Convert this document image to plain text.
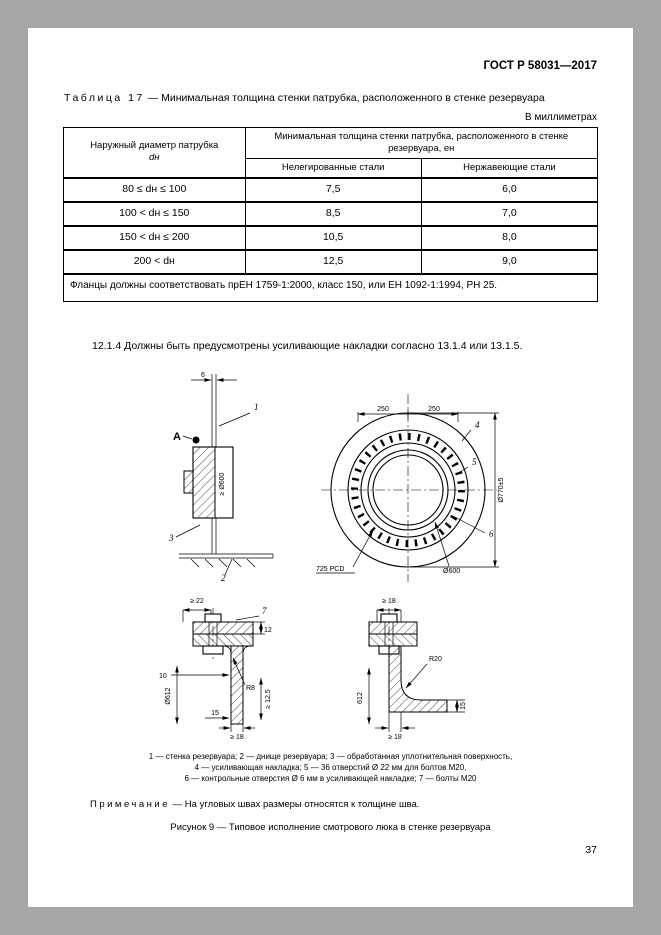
ГОСТ Р 58031—2017
Таблица 17 — Минимальная толщина стенки патрубка, расположенного в стенке резервуара
В миллиметрах
Наружный диаметр патрубка
dн	Минимальная толщина стенки патрубка, расположенного в стенке резервуара, eн	
	Нелегированные стали	Нержавеющие стали
80 ≤ dн ≤ 100	7,5	6,0
100 < dн ≤ 150	8,5	7,0
150 < dн ≤ 200	10,5	8,0
200 < dн	12,5	9,0
Фланцы должны соответствовать прЕН 1759-1:2000, класс 150, или ЕН 1092-1:1994, РН 25.		
12.1.4 Должны быть предусмотрены усиливающие накладки согласно 13.1.4 или 13.1.5.
6
≥ Ø600
1
A
3
2
250	250
Ø770±5
4
5
6
725 PCD	Ø600
≥ 22
7
12
10
R8
≥ 12,5
Ø612
15
≥ 18
≥ 18
R20
15
612
≥ 18
1 — стенка резервуара; 2 — днище резервуара; 3 — обработанная уплотнительная поверхность,
4 — усиливающая накладка; 5 — 36 отверстий Ø 22 мм для болтов М20,
6 — контрольные отверстия Ø 6 мм в усиливающей накладке; 7 — болты М20
Примечание — На угловых швах размеры относятся к толщине шва.
Рисунок 9 — Типовое исполнение смотрового люка в стенке резервуара
37
